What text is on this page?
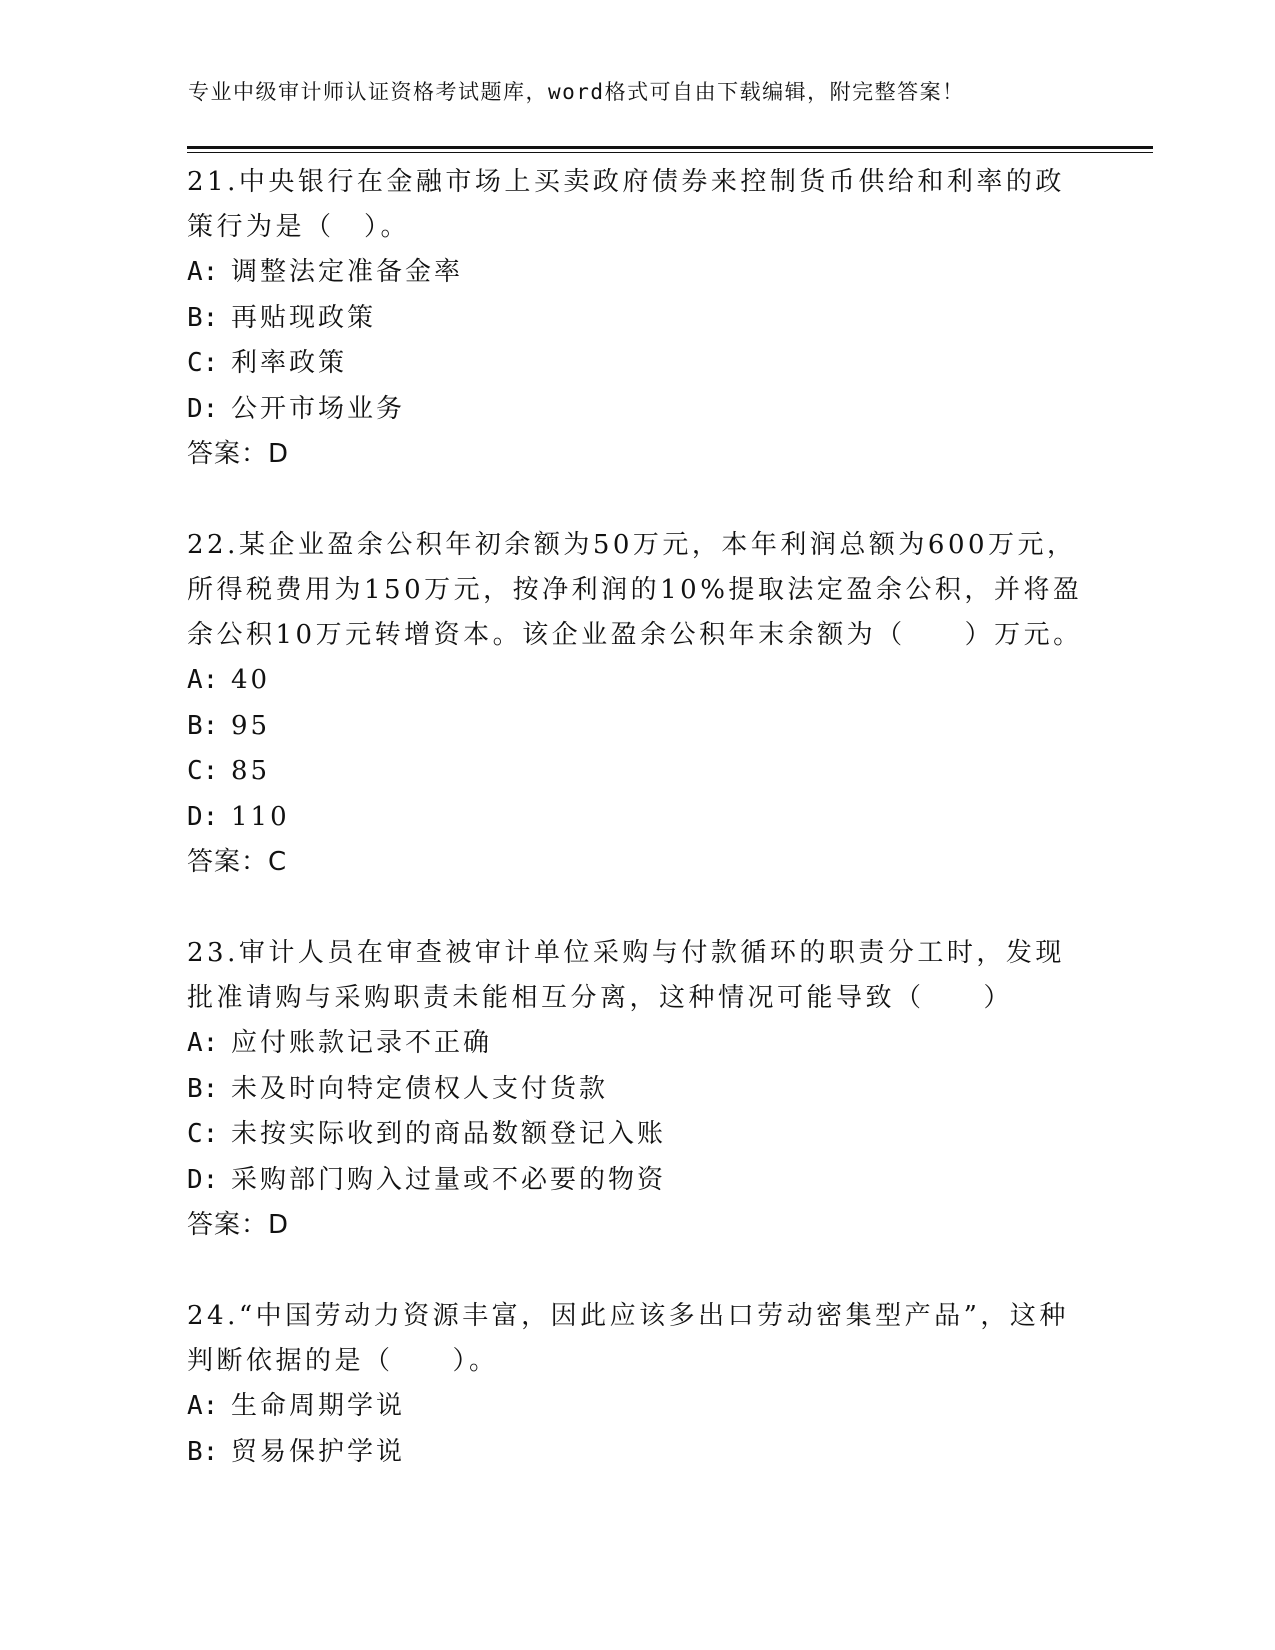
专业中级审计师认证资格考试题库，word格式可自由下载编辑，附完整答案！

21.中央银行在金融市场上买卖政府债券来控制货币供给和利率的政策行为是（　）。

A: 调整法定准备金率
B: 再贴现政策
C: 利率政策
D: 公开市场业务
答案：D

22.某企业盈余公积年初余额为50万元，本年利润总额为600万元，所得税费用为150万元，按净利润的10%提取法定盈余公积，并将盈余公积10万元转增资本。该企业盈余公积年末余额为（　　）万元。

A: 40
B: 95
C: 85
D: 110
答案：C

23.审计人员在审查被审计单位采购与付款循环的职责分工时，发现批准请购与采购职责未能相互分离，这种情况可能导致（　　）

A: 应付账款记录不正确
B: 未及时向特定债权人支付货款
C: 未按实际收到的商品数额登记入账
D: 采购部门购入过量或不必要的物资
答案：D

24.“中国劳动力资源丰富，因此应该多出口劳动密集型产品”，这种判断依据的是（　　）。

A: 生命周期学说
B: 贸易保护学说
